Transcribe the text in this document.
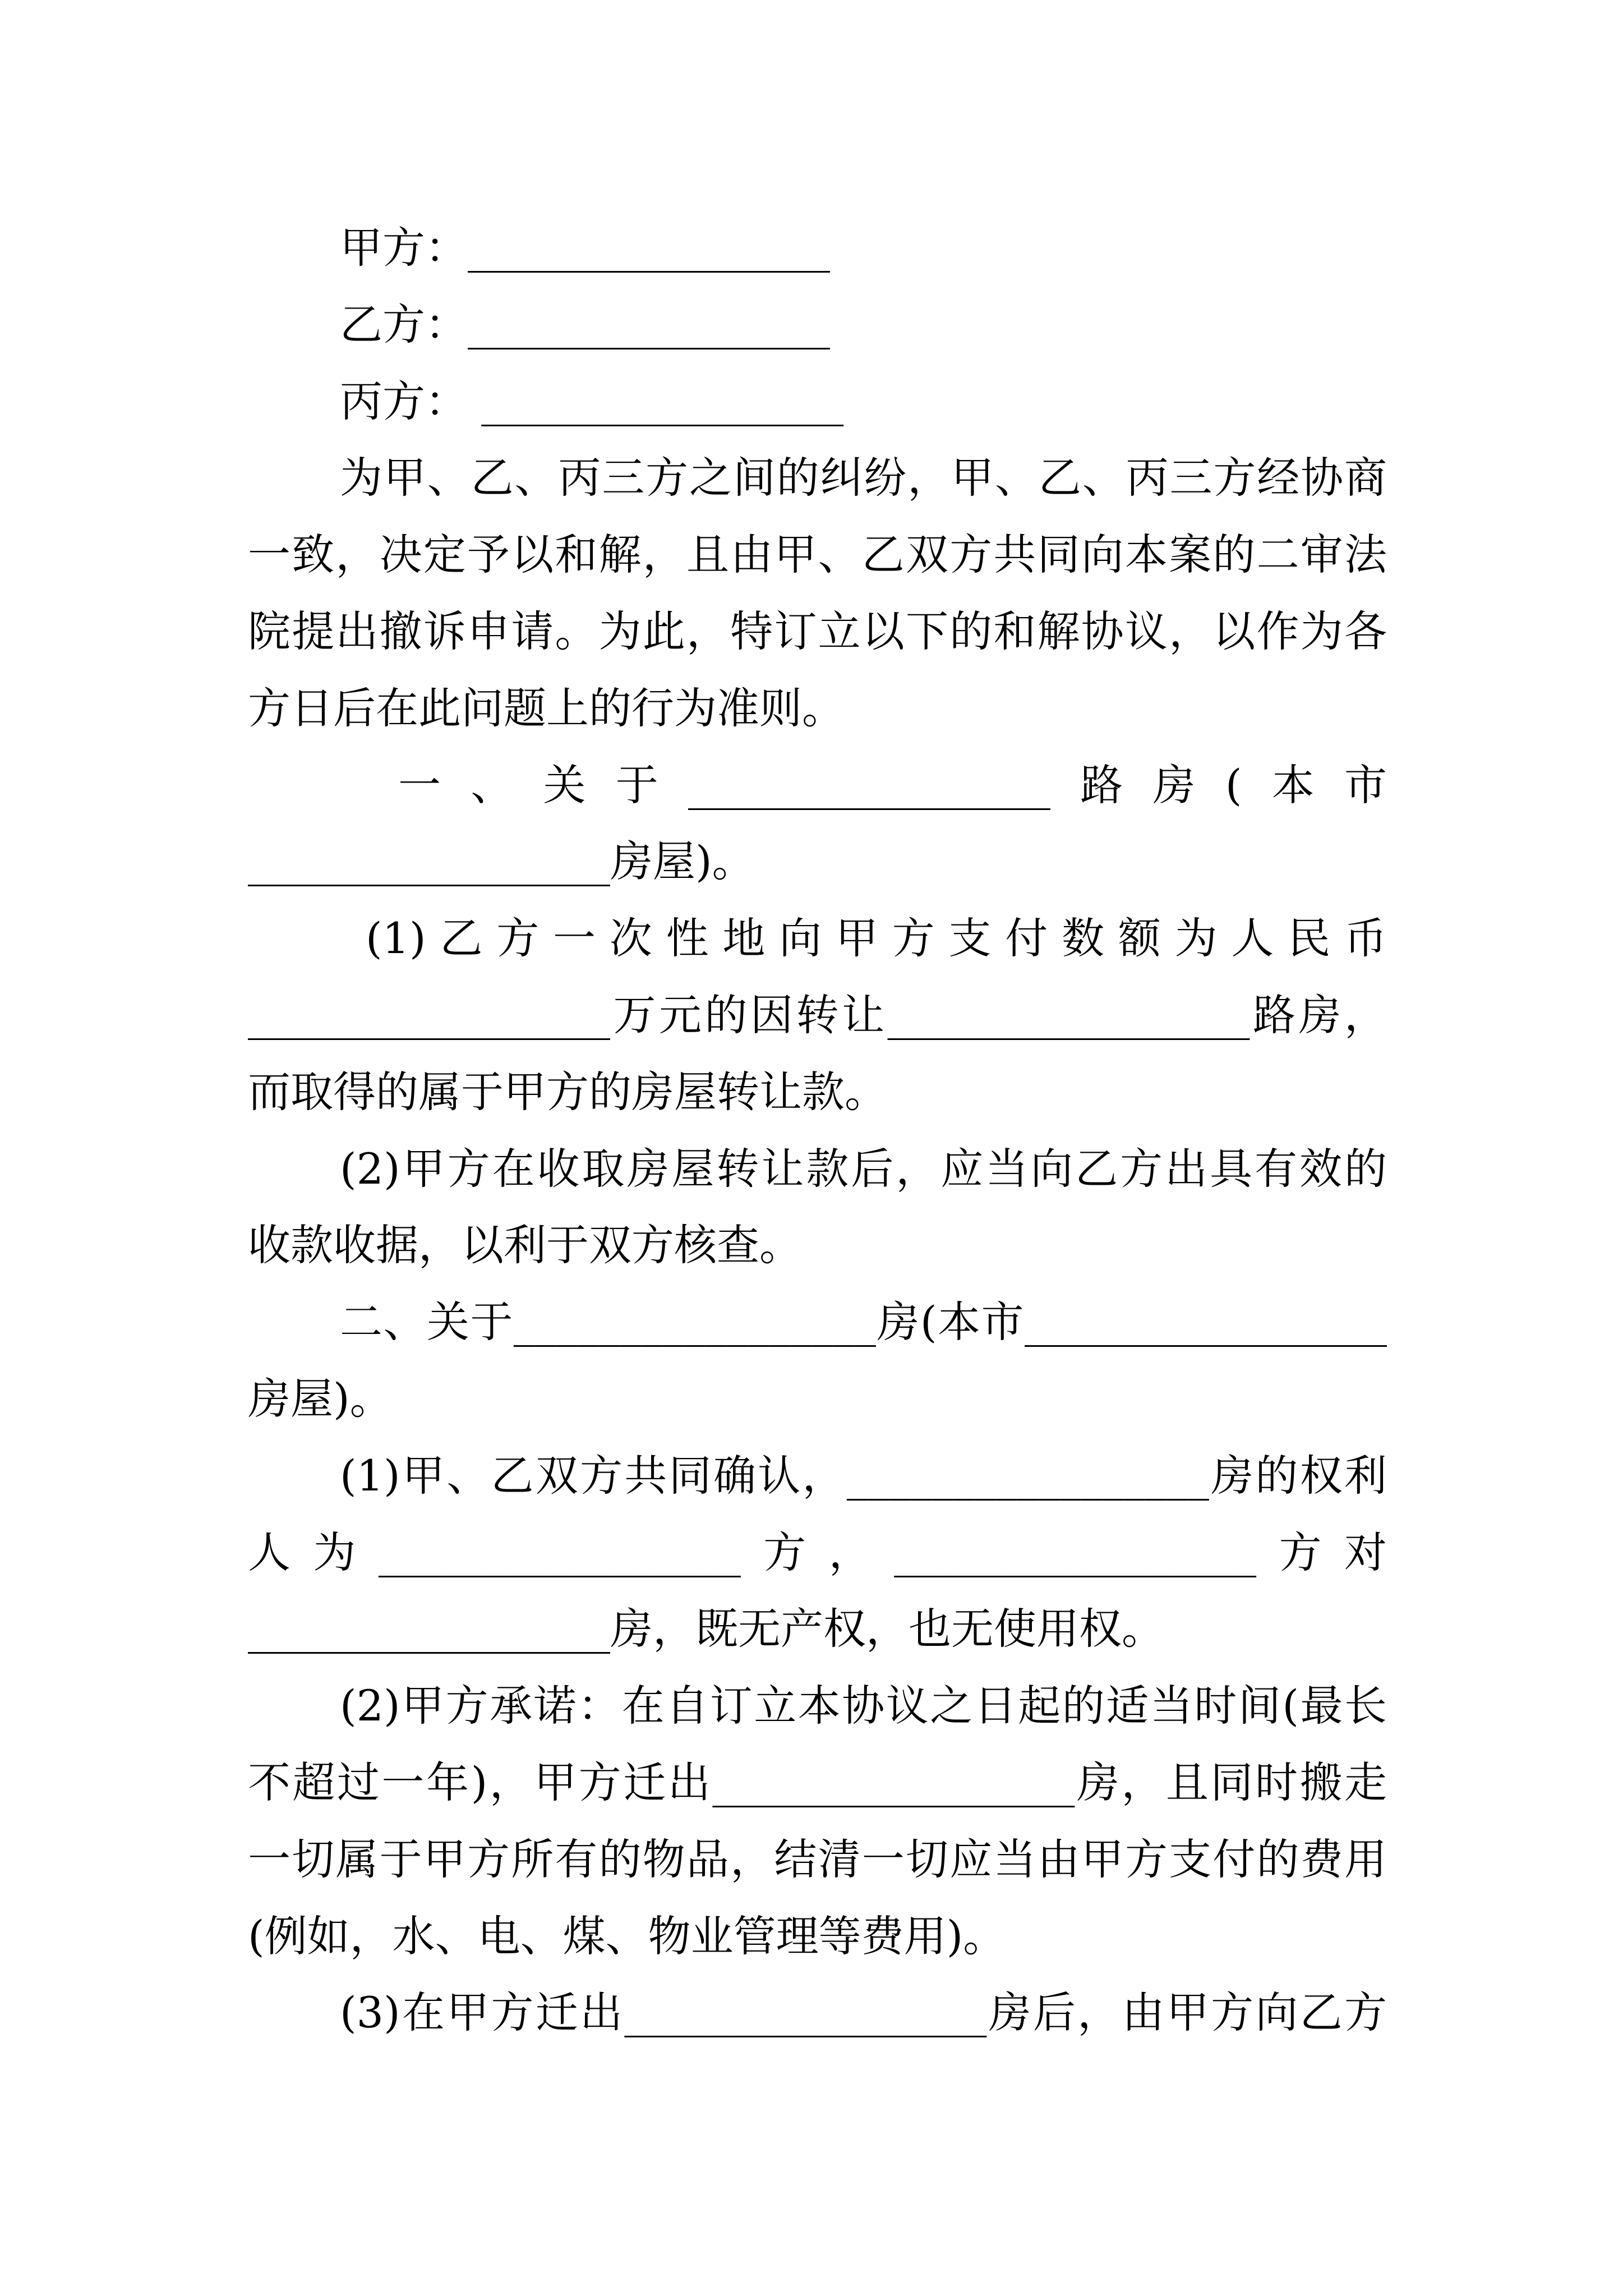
甲方：_________________
乙方：_________________
丙方： _________________
为甲、乙、丙三方之间的纠纷，甲、乙、丙三方经协商
一致，决定予以和解，且由甲、乙双方共同向本案的二审法
院提出撤诉申请。为此，特订立以下的和解协议，以作为各
方日后在此问题上的行为准则。
一、关于_________________路房(本市
_________________房屋)。
(1)乙方一次性地向甲方支付数额为人民币
_________________万元的因转让_________________路房，
而取得的属于甲方的房屋转让款。
(2)甲方在收取房屋转让款后，应当向乙方出具有效的
收款收据，以利于双方核查。
二、关于_________________房(本市_________________
房屋)。
(1)甲、乙双方共同确认，_________________房的权利
人为_________________方，_________________方对
_________________房，既无产权，也无使用权。
(2)甲方承诺：在自订立本协议之日起的适当时间(最长
不超过一年)，甲方迁出_________________房，且同时搬走
一切属于甲方所有的物品，结清一切应当由甲方支付的费用
(例如，水、电、煤、物业管理等费用)。
(3)在甲方迁出_________________房后，由甲方向乙方
